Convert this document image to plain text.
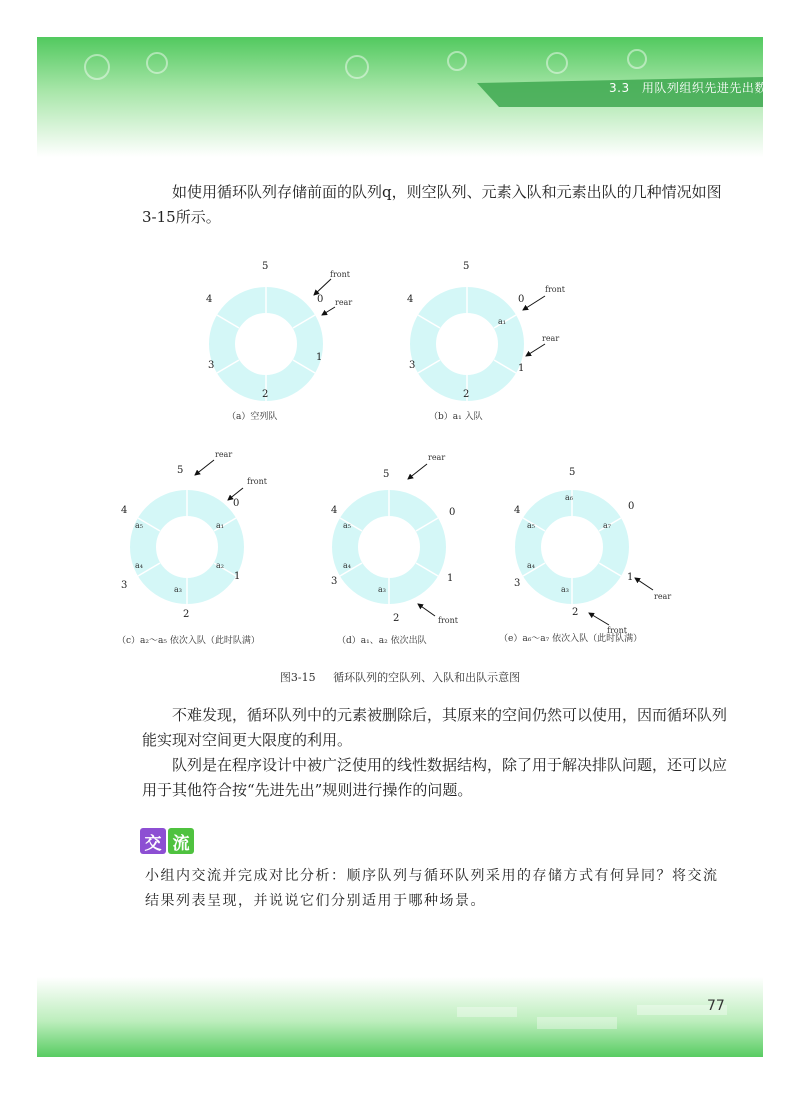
3.3 用队列组织先进先出数据

如使用循环队列存储前面的队列q，则空队列、元素入队和元素出队的几种情况如图3-15所示。

5
0
1
2
3
4
front
rear
（a）空列队
a₁
5
0
1
2
3
4
front
rear
（b）a₁ 入队
a₁
a₂
a₃
a₄
a₅
5
0
1
2
3
4
rear
front
（c）a₂～a₅ 依次入队（此时队满）
a₃
a₄
a₅
5
0
1
2
3
4
rear
front
（d）a₁、a₂ 依次出队
a₃
a₄
a₅
a₆
a₇
5
0
1
2
3
4
rear
front
（e）a₆～a₇ 依次入队（此时队满）
图3-15 循环队列的空队列、入队和出队示意图

不难发现，循环队列中的元素被删除后，其原来的空间仍然可以使用，因而循环队列能实现对空间更大限度的利用。

队列是在程序设计中被广泛使用的线性数据结构，除了用于解决排队问题，还可以应用于其他符合按“先进先出”规则进行操作的问题。

交 流

小组内交流并完成对比分析：顺序队列与循环队列采用的存储方式有何异同？将交流结果列表呈现，并说说它们分别适用于哪种场景。

77
